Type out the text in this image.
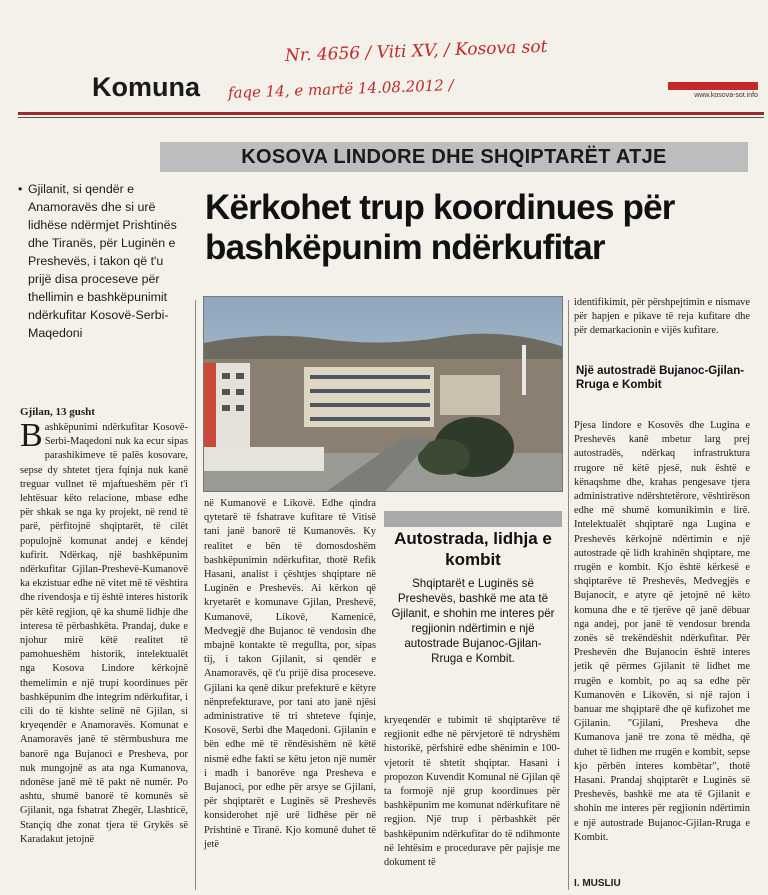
Nr. 4656 / Viti XV, / Kosova sot
faqe 14, e martë 14.08.2012 /
Komuna	www.kosova-sot.info
KOSOVA LINDORE DHE SHQIPTARËT ATJE
• Gjilanit, si qendër e Anamoravës dhe si urë lidhëse ndërmjet Prishtinës dhe Tiranës, për Luginën e Preshevës, i takon që t'u prijë disa proceseve për thellimin e bashkëpunimit ndërkufitar Kosovë-Serbi-Maqedoni
Kërkohet trup koordinues për bashkëpunim ndërkufitar
Gjilan, 13 gusht
Bashkëpunimi ndërkufitar Kosovë-Serbi-Maqedoni nuk ka ecur sipas parashikimeve të palës kosovare, sepse dy shtetet tjera fqinja nuk kanë treguar vullnet të mjaftueshëm për t'i lehtësuar këto relacione, mbase edhe për shkak se nga ky projekt, në rend të parë, përfitojnë shqiptarët, të cilët populojnë komunat andej e këndej kufirit. Ndërkaq, një bashkëpunim ndërkufitar Gjilan-Preshevë-Kumanovë ka ekzistuar edhe në vitet më të vështira dhe rivendosja e tij është interes historik për këtë regjion, që ka shumë lidhje dhe interesa të përbashkëta. Prandaj, duke e njohur mirë këtë realitet të pamohueshëm historik, intelektualët nga Kosova Lindore kërkojnë themelimin e një trupi koordinues për bashkëpunim dhe integrim ndërkufitar, i cili do të kishte selinë në Gjilan, si kryeqendër e Anamoravës. Komunat e Anamoravës janë të stërmbushura me banorë nga Bujanoci e Presheva, por nuk mungojnë as ata nga Kumanova, ndonëse janë më të pakt në numër. Po ashtu, shumë banorë të komunës së Gjilanit, nga fshatrat Zhegër, Llashticë, Stançiq dhe zonat tjera të Grykës së Karadakut jetojnë
në Kumanovë e Likovë. Edhe qindra qytetarë të fshatrave kufitare të Vitisë tani janë banorë të Kumanovës. Ky realitet e bën të domosdoshëm bashkëpunimin ndërkufitar, thotë Refik Hasani, analist i çështjes shqiptare në Luginën e Preshevës. Ai kërkon që kryetarët e komunave Gjilan, Preshevë, Kumanovë, Likovë, Kamenicë, Medvegjë dhe Bujanoc të vendosin dhe mbajnë kontakte të rregullta, por, sipas tij, i takon Gjilanit, si qendër e Anamoravës, që t'u prijë disa proceseve. Gjilani ka qenë dikur prefekturë e këtyre nënprefekturave, por tani ato janë njësi administrative të tri shteteve fqinje, Kosovë, Serbi dhe Maqedoni. Gjilanin e bën edhe më të rëndësishëm në këtë nismë edhe fakti se këtu jeton një numër i madh i banorëve nga Presheva e Bujanoci, por edhe për arsye se Gjilani, për shqiptarët e Luginës së Preshevës konsiderohet një urë lidhëse për në Prishtinë e Tiranë. Kjo komunë duhet të jetë
Autostrada, lidhja e kombit
Shqiptarët e Luginës së Preshevës, bashkë me ata të Gjilanit, e shohin me interes për regjionin ndërtimin e një autostrade Bujanoc-Gjilan-Rruga e Kombit.
kryeqendër e tubimit të shqiptarëve të regjionit edhe në përvjetorë të ndryshëm historikë, përfshirë edhe shënimin e 100-vjetorit të shtetit shqiptar. Hasani i propozon Kuvendit Komunal në Gjilan që ta formojë një grup koordinues për bashkëpunim me komunat ndërkufitare në regjion. Një trup i përbashkët për bashkëpunim ndërkufitar do të ndihmonte në lehtësim e procedurave për pajisje me dokument të
identifikimit, për përshpejtimin e nismave për hapjen e pikave të reja kufitare dhe për demarkacionin e vijës kufitare.
Një autostradë Bujanoc-Gjilan-Rruga e Kombit
Pjesa lindore e Kosovës dhe Lugina e Preshevës kanë mbetur larg prej autostradës, ndërkaq infrastruktura rrugore në këtë pjesë, nuk është e kënaqshme dhe, krahas pengesave tjera administrative ndërshtetërore, vështirëson edhe më shumë komunikimin e lirë. Intelektualët shqiptarë nga Lugina e Preshevës kërkojnë ndërtimin e një autostrade që lidh krahinën shqiptare, me rrugën e kombit. Kjo është kërkesë e shqiptarëve të Preshevës, Medvegjës e Bujanocit, e atyre që jetojnë në këto komuna dhe e të tjerëve që janë dëbuar nga andej, por janë të vendosur brenda zonës së trekëndëshit ndërkufitar. Për Preshevën dhe Bujanocin është interes jetik që përmes Gjilanit të lidhet me rrugën e kombit, po aq sa edhe për Kumanovën e Likovën, si një rajon i banuar me shqiptarë dhe që kufizohet me Gjilanin. "Gjilani, Presheva dhe Kumanova janë tre zona të mëdha, që duhet të lidhen me rrugën e kombit, sepse kjo përbën interes kombëtar", thotë Hasani. Prandaj shqiptarët e Luginës së Preshevës, bashkë me ata të Gjilanit e shohin me interes për regjionin ndërtimin e një autostrade Bujanoc-Gjilan-Rruga e Kombit.
I. MUSLIU
